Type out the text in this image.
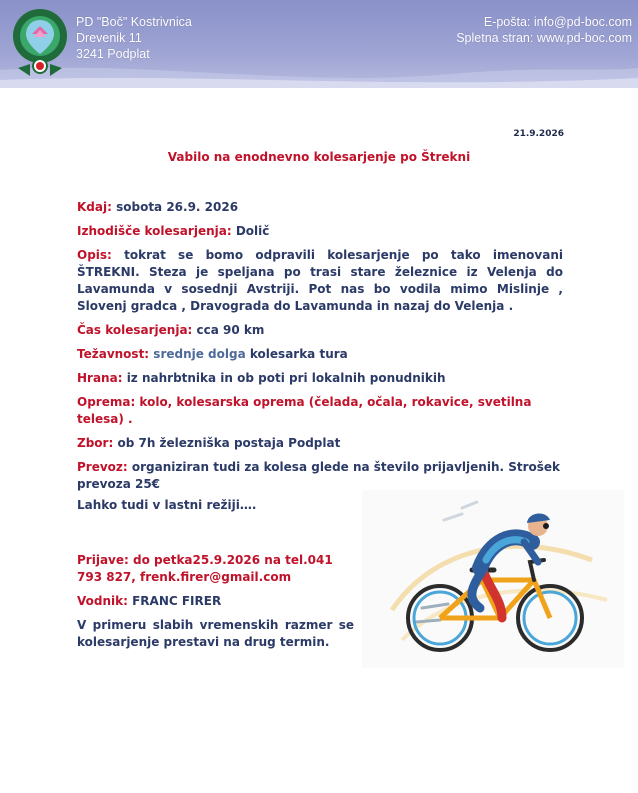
PD "Boč" Kostrivnica
Drevenik 11
3241 Podplat
E-pošta: info@pd-boc.com
Spletna stran: www.pd-boc.com
21.9.2026
Vabilo na enodnevno kolesarjenje po Štrekni
Kdaj: sobota 26.9. 2026
Izhodišče kolesarjenja: Dolič
Opis: tokrat se bomo odpravili kolesarjenje po tako imenovani ŠTREKNI. Steza je speljana po trasi stare železnice iz Velenja do Lavamunda v sosednji Avstriji. Pot nas bo vodila mimo Mislinje , Slovenj gradca , Dravograda do Lavamunda in nazaj do Velenja .
Čas kolesarjenja: cca 90 km
Težavnost: srednje dolga kolesarka tura
Hrana: iz nahrbtnika in ob poti pri lokalnih ponudnikih
Oprema: kolo, kolesarska oprema (čelada, očala, rokavice, svetilna telesa) .
Zbor: ob 7h železniška postaja Podplat
Prevoz: organiziran tudi za kolesa glede na število prijavljenih. Strošek prevoza 25€
Lahko tudi v lastni režiji….
Prijave: do petka25.9.2026 na tel.041 793 827, frenk.firer@gmail.com
Vodnik: FRANC FIRER
V primeru slabih vremenskih razmer se kolesarjenje prestavi na drug termin.
